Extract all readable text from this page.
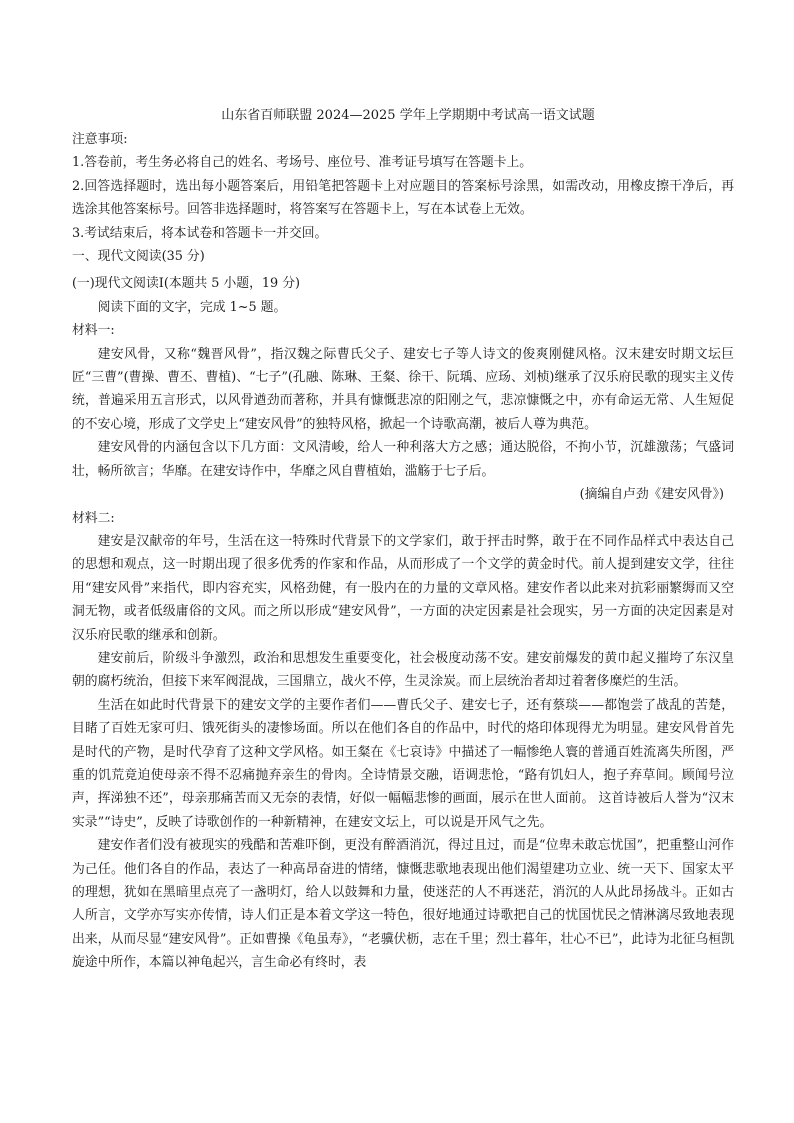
山东省百师联盟 2024—2025 学年上学期期中考试高一语文试题

注意事项:

1.答卷前，考生务必将自己的姓名、考场号、座位号、准考证号填写在答题卡上。

2.回答选择题时，选出每小题答案后，用铅笔把答题卡上对应题目的答案标号涂黑，如需改动，用橡皮擦干净后，再选涂其他答案标号。回答非选择题时，将答案写在答题卡上，写在本试卷上无效。

3.考试结束后，将本试卷和答题卡一并交回。

一、现代文阅读(35 分)

(一)现代文阅读Ⅰ(本题共 5 小题，19 分)

阅读下面的文字，完成 1~5 题。

材料一:

建安风骨，又称“魏晋风骨”，指汉魏之际曹氏父子、建安七子等人诗文的俊爽刚健风格。汉末建安时期文坛巨匠“三曹”(曹操、曹丕、曹植)、“七子”(孔融、陈琳、王粲、徐干、阮瑀、应玚、刘桢)继承了汉乐府民歌的现实主义传统，普遍采用五言形式，以风骨遒劲而著称，并具有慷慨悲凉的阳刚之气，悲凉慷慨之中，亦有命运无常、人生短促的不安心境，形成了文学史上“建安风骨”的独特风格，掀起一个诗歌高潮，被后人尊为典范。

建安风骨的内涵包含以下几方面：文风清峻，给人一种利落大方之感；通达脱俗，不拘小节，沉雄激荡；气盛词壮，畅所欲言；华靡。在建安诗作中，华靡之风自曹植始，滥觞于七子后。

(摘编自卢劲《建安风骨》)

材料二:

建安是汉献帝的年号，生活在这一特殊时代背景下的文学家们，敢于抨击时弊，敢于在不同作品样式中表达自己的思想和观点，这一时期出现了很多优秀的作家和作品，从而形成了一个文学的黄金时代。前人提到建安文学，往往用“建安风骨”来指代，即内容充实，风格劲健，有一股内在的力量的文章风格。建安作者以此来对抗彩丽繁缛而又空洞无物，或者低级庸俗的文风。而之所以形成“建安风骨”，一方面的决定因素是社会现实，另一方面的决定因素是对汉乐府民歌的继承和创新。

建安前后，阶级斗争激烈，政治和思想发生重要变化，社会极度动荡不安。建安前爆发的黄巾起义摧垮了东汉皇朝的腐朽统治，但接下来军阀混战，三国鼎立，战火不停，生灵涂炭。而上层统治者却过着奢侈糜烂的生活。

生活在如此时代背景下的建安文学的主要作者们——曹氏父子、建安七子，还有蔡琰——都饱尝了战乱的苦楚，目睹了百姓无家可归、饿死街头的凄惨场面。所以在他们各自的作品中，时代的烙印体现得尤为明显。建安风骨首先是时代的产物，是时代孕育了这种文学风格。如王粲在《七哀诗》中描述了一幅惨绝人寰的普通百姓流离失所图，严重的饥荒竟迫使母亲不得不忍痛抛弃亲生的骨肉。全诗情景交融，语调悲怆，“路有饥妇人，抱子弃草间。顾闻号泣声，挥涕独不还”，母亲那痛苦而又无奈的表情，好似一幅幅悲惨的画面，展示在世人面前。 这首诗被后人誉为“汉末实录”“诗史”，反映了诗歌创作的一种新精神，在建安文坛上，可以说是开风气之先。

建安作者们没有被现实的残酷和苦难吓倒，更没有醉酒消沉，得过且过，而是“位卑未敢忘忧国”，把重整山河作为己任。他们各自的作品，表达了一种高昂奋进的情绪，慷慨悲歌地表现出他们渴望建功立业、统一天下、国家太平的理想，犹如在黑暗里点亮了一盏明灯，给人以鼓舞和力量，使迷茫的人不再迷茫，消沉的人从此昂扬战斗。正如古人所言，文学亦写实亦传情，诗人们正是本着文学这一特色，很好地通过诗歌把自己的忧国忧民之情淋漓尽致地表现出来，从而尽显“建安风骨”。正如曹操《龟虽寿》，“老骥伏枥，志在千里；烈士暮年，壮心不已”，此诗为北征乌桓凯旋途中所作，本篇以神龟起兴，言生命必有终时，表
